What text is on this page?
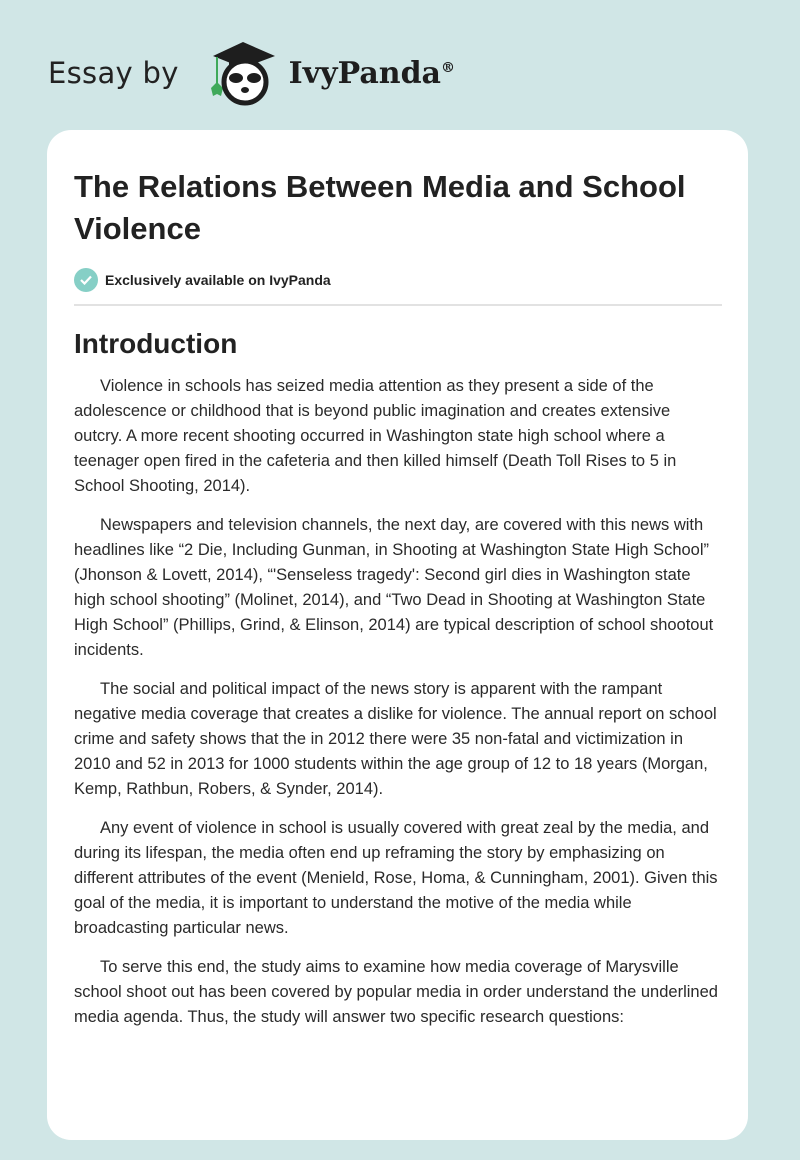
Essay by	IvyPanda®
The Relations Between Media and School Violence
Exclusively available on IvyPanda
Introduction

Violence in schools has seized media attention as they present a side of the adolescence or childhood that is beyond public imagination and creates extensive outcry. A more recent shooting occurred in Washington state high school where a teenager open fired in the cafeteria and then killed himself (Death Toll Rises to 5 in School Shooting, 2014).

Newspapers and television channels, the next day, are covered with this news with headlines like “2 Die, Including Gunman, in Shooting at Washington State High School” (Jhonson & Lovett, 2014), “'Senseless tragedy': Second girl dies in Washington state high school shooting” (Molinet, 2014), and “Two Dead in Shooting at Washington State High School” (Phillips, Grind, & Elinson, 2014) are typical description of school shootout incidents.

The social and political impact of the news story is apparent with the rampant negative media coverage that creates a dislike for violence. The annual report on school crime and safety shows that the in 2012 there were 35 non-fatal and victimization in 2010 and 52 in 2013 for 1000 students within the age group of 12 to 18 years (Morgan, Kemp, Rathbun, Robers, & Synder, 2014).

Any event of violence in school is usually covered with great zeal by the media, and during its lifespan, the media often end up reframing the story by emphasizing on different attributes of the event (Menield, Rose, Homa, & Cunningham, 2001). Given this goal of the media, it is important to understand the motive of the media while broadcasting particular news.

To serve this end, the study aims to examine how media coverage of Marysville school shoot out has been covered by popular media in order understand the underlined media agenda. Thus, the study will answer two specific research questions:
